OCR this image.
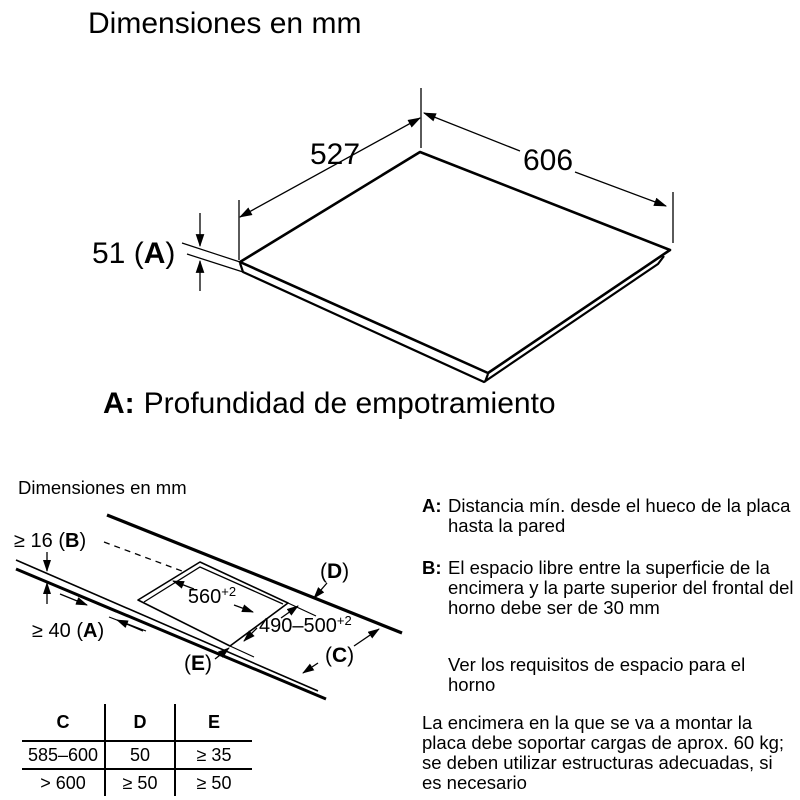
Dimensiones en mm
527	606
51 (A)
A: Profundidad de empotramiento
Dimensiones en mm
$560^{+2}$
$490-500^{+2}$
≥ 16 (B)
≥ 40 (A)
(D)
(C)
(E)
C	D	E
585–600	50	≥ 35
> 600	≥ 50	≥ 50
A: Distancia mín. desde el hueco de la placa hasta la pared
B: El espacio libre entre la superficie de la encimera y la parte superior del frontal del horno debe ser de 30 mm
Ver los requisitos de espacio para el horno
La encimera en la que se va a montar la placa debe soportar cargas de aprox. 60 kg; se deben utilizar estructuras adecuadas, si es necesario
